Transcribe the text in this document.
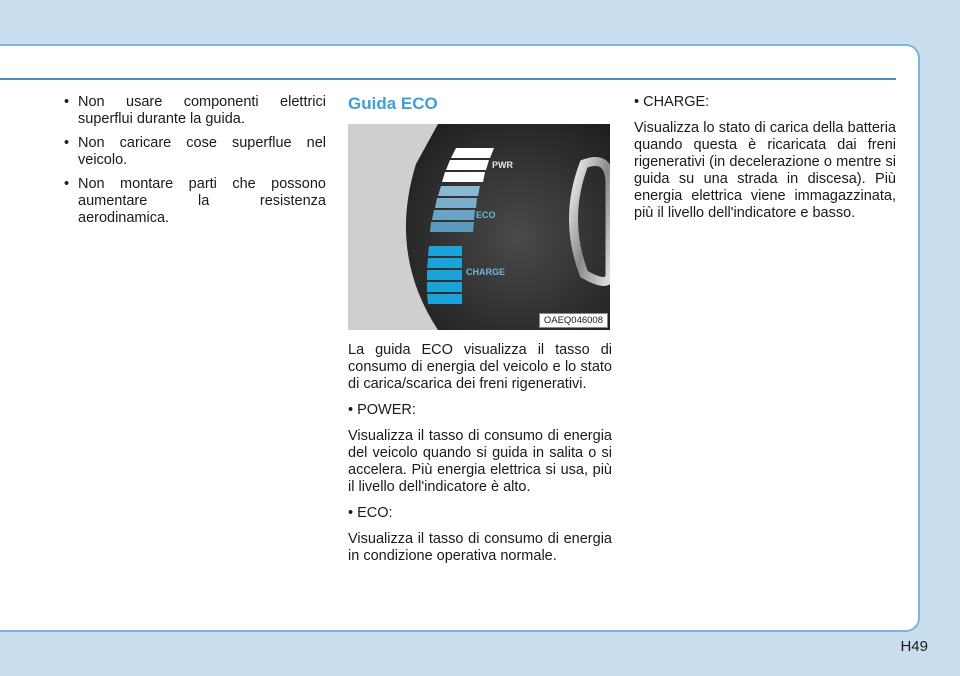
• Non usare componenti elettrici superflui durante la guida.
• Non caricare cose superflue nel veicolo.
• Non montare parti che possono aumentare la resistenza aerodinamica.
Guida ECO
PWR
ECO
CHARGE
OAEQ046008

La guida ECO visualizza il tasso di consumo di energia del veicolo e lo stato di carica/scarica dei freni rigenerativi.

• POWER:

Visualizza il tasso di consumo di energia del veicolo quando si guida in salita o si accelera. Più energia elettrica si usa, più il livello dell'indicatore è alto.

• ECO:

Visualizza il tasso di consumo di energia in condizione operativa normale.

• CHARGE:

Visualizza lo stato di carica della batteria quando questa è ricaricata dai freni rigenerativi (in decelerazione o mentre si guida su una strada in discesa). Più energia elettrica viene immagazzinata, più il livello dell'indicatore e basso.

H49
